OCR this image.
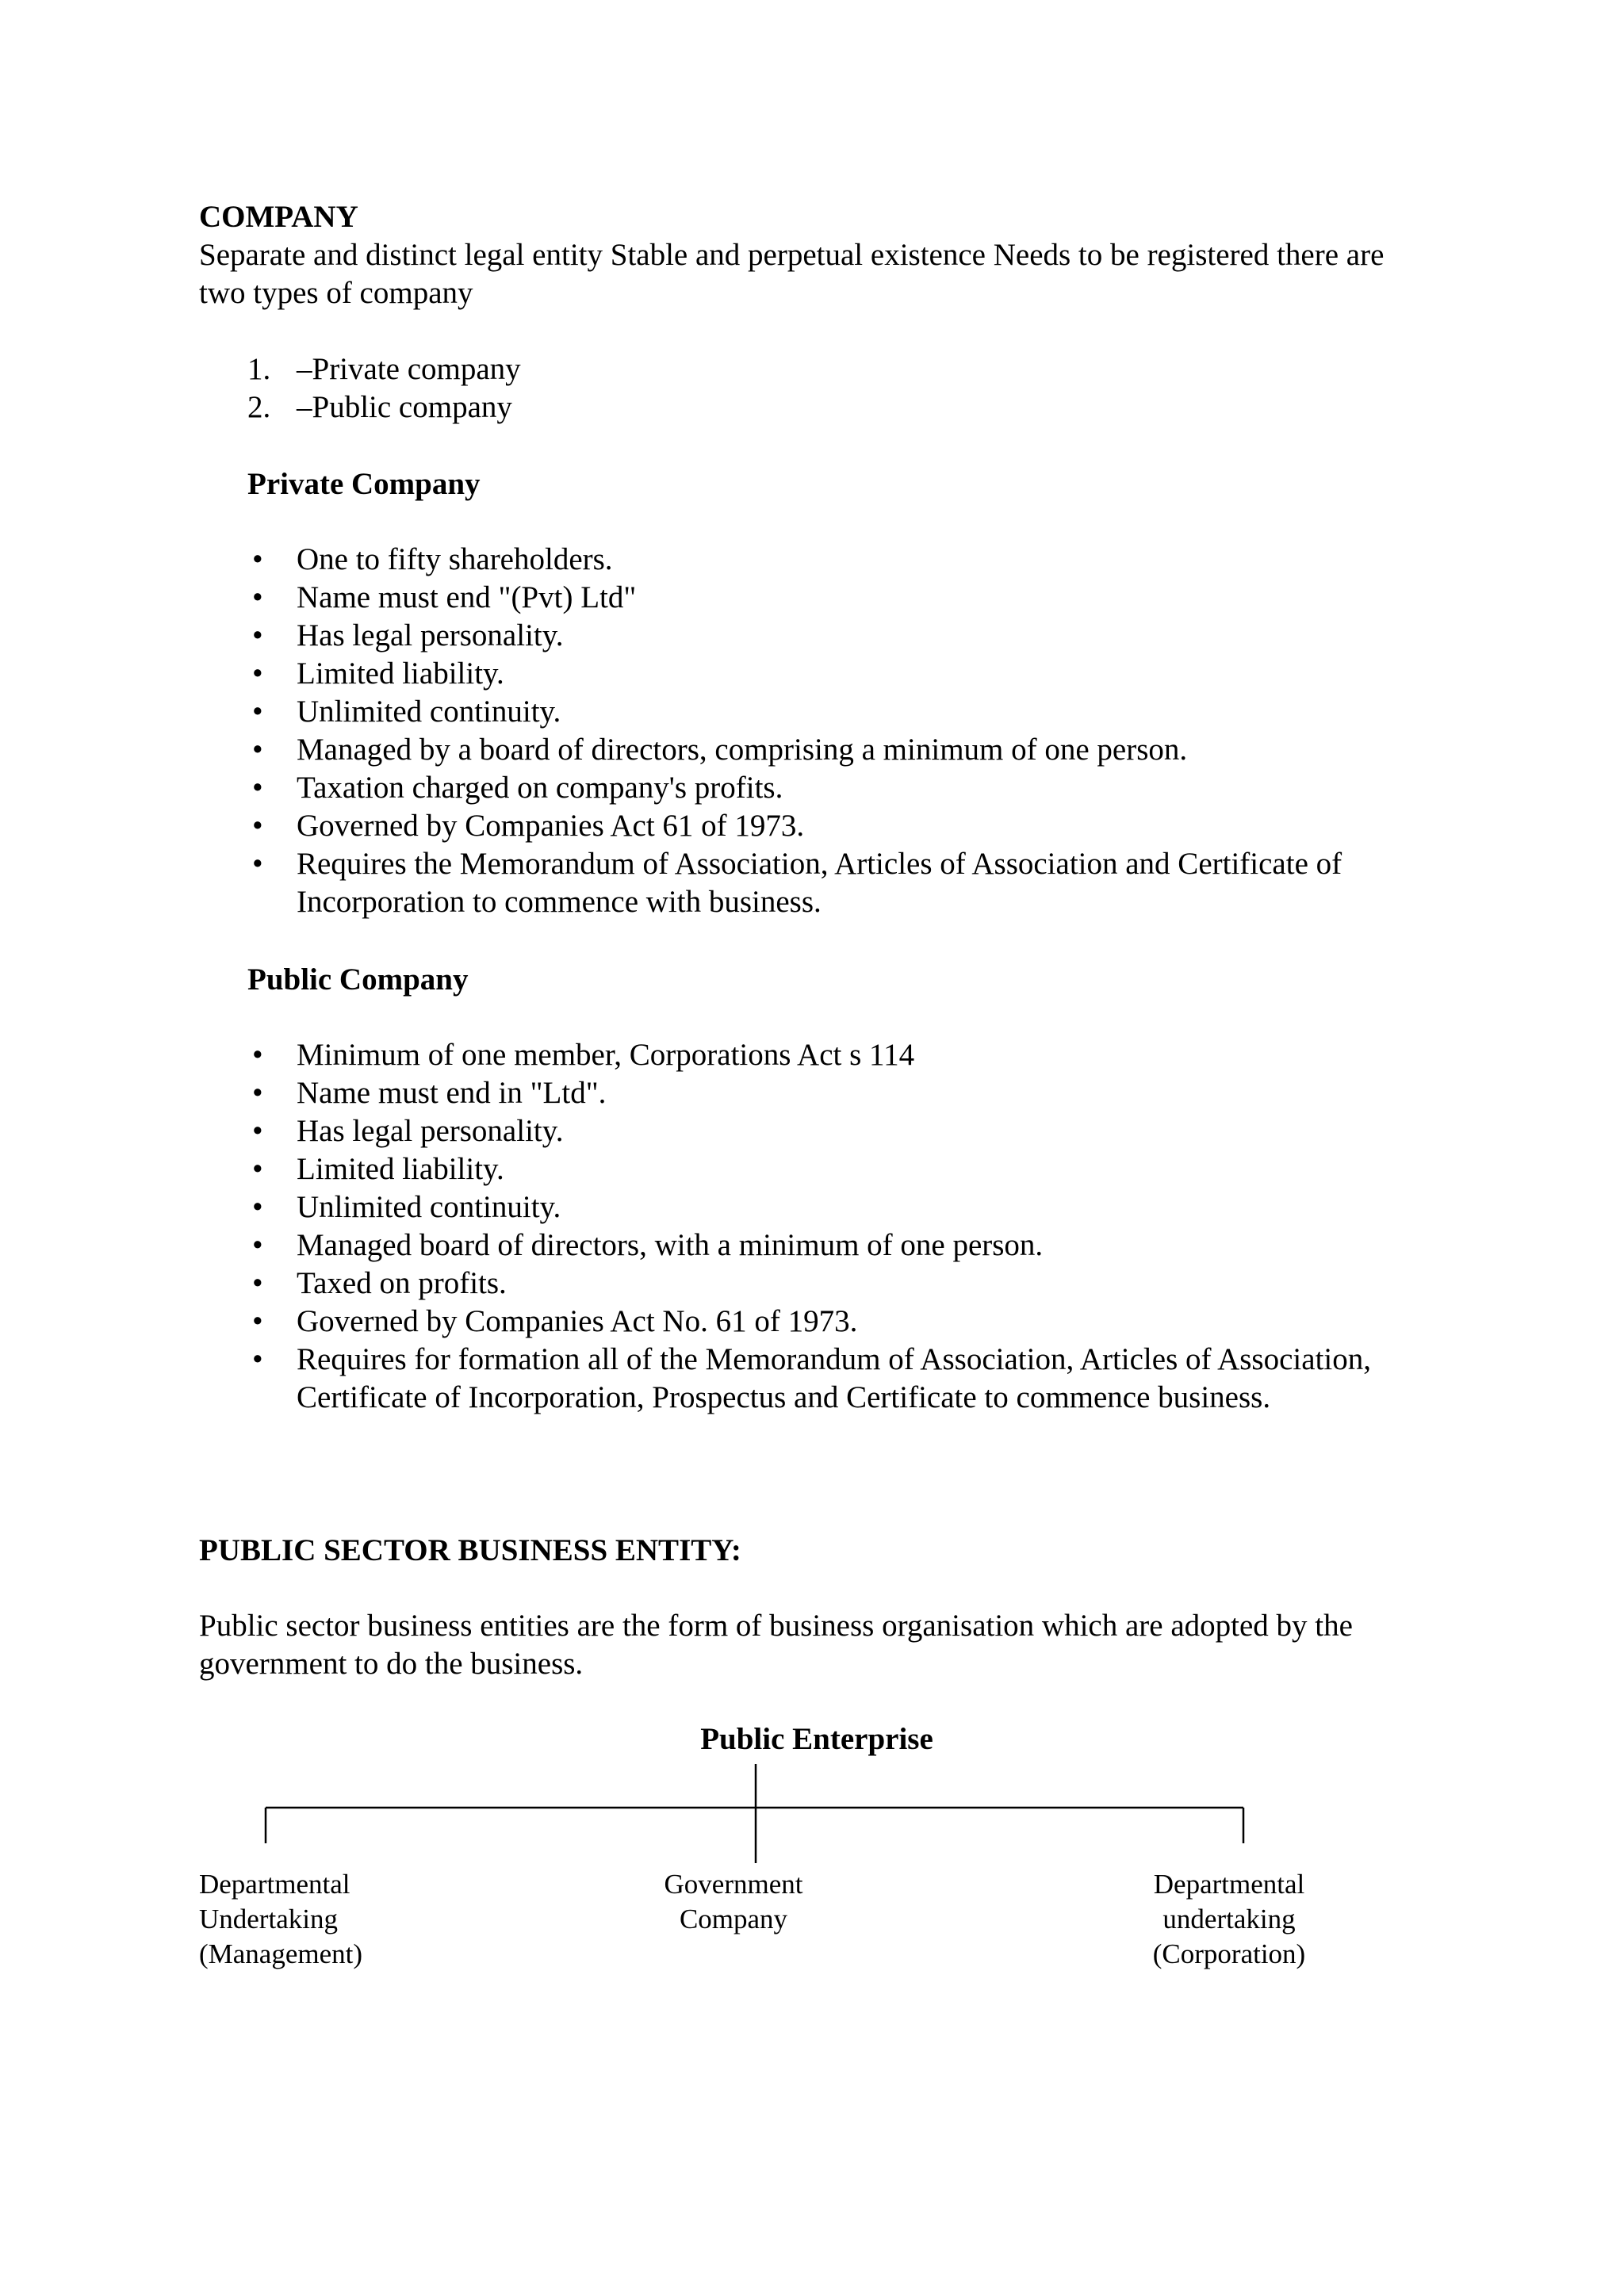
COMPANY

Separate and distinct legal entity Stable and perpetual existence Needs to be registered there are two types of company

1. –Private company
2. –Public company
Private Company
• One to fifty shareholders.
• Name must end "(Pvt) Ltd"
• Has legal personality.
• Limited liability.
• Unlimited continuity.
• Managed by a board of directors, comprising a minimum of one person.
• Taxation charged on company's profits.
• Governed by Companies Act 61 of 1973.
• Requires the Memorandum of Association, Articles of Association and Certificate of Incorporation to commence with business.
Public Company
• Minimum of one member, Corporations Act s 114
• Name must end in "Ltd".
• Has legal personality.
• Limited liability.
• Unlimited continuity.
• Managed board of directors, with a minimum of one person.
• Taxed on profits.
• Governed by Companies Act No. 61 of 1973.
• Requires for formation all of the Memorandum of Association, Articles of Association, Certificate of Incorporation, Prospectus and Certificate to commence business.
PUBLIC SECTOR BUSINESS ENTITY:

Public sector business entities are the form of business organisation which are adopted by the government to do the business.

Public Enterprise
Departmental
Undertaking
(Management)
Government
Company
Departmental
undertaking
(Corporation)
